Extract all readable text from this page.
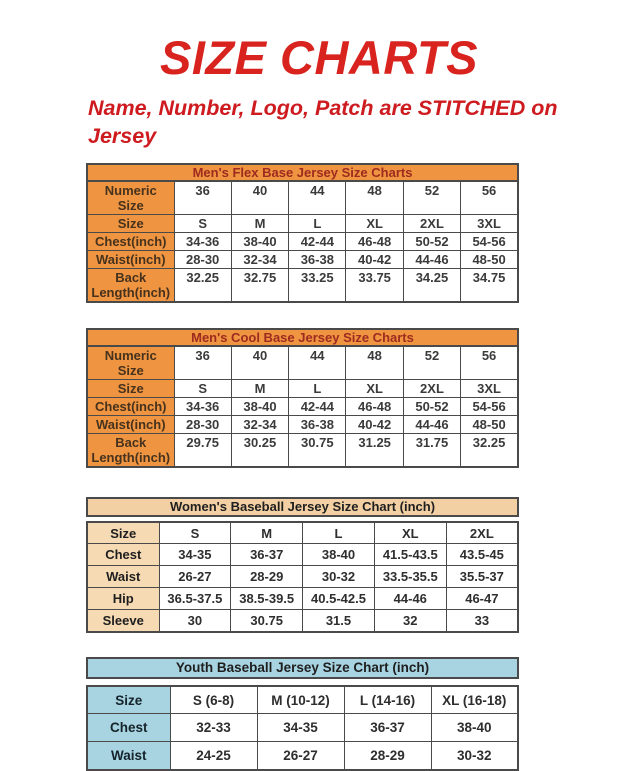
SIZE CHARTS

Name, Number, Logo, Patch are STITCHED on Jersey

Men's Flex Base Jersey Size Charts
Numeric Size	36	40	44	48	52	56
Size	S	M	L	XL	2XL	3XL
Chest(inch)	34-36	38-40	42-44	46-48	50-52	54-56
Waist(inch)	28-30	32-34	36-38	40-42	44-46	48-50
Back Length(inch)	32.25	32.75	33.25	33.75	34.25	34.75
Men's Cool Base Jersey Size Charts
Numeric Size	36	40	44	48	52	56
Size	S	M	L	XL	2XL	3XL
Chest(inch)	34-36	38-40	42-44	46-48	50-52	54-56
Waist(inch)	28-30	32-34	36-38	40-42	44-46	48-50
Back Length(inch)	29.75	30.25	30.75	31.25	31.75	32.25
Women's Baseball Jersey Size Chart (inch)
Size	S	M	L	XL	2XL
Chest	34-35	36-37	38-40	41.5-43.5	43.5-45
Waist	26-27	28-29	30-32	33.5-35.5	35.5-37
Hip	36.5-37.5	38.5-39.5	40.5-42.5	44-46	46-47
Sleeve	30	30.75	31.5	32	33
Youth Baseball Jersey Size Chart (inch)
Size	S (6-8)	M (10-12)	L (14-16)	XL (16-18)
Chest	32-33	34-35	36-37	38-40
Waist	24-25	26-27	28-29	30-32
